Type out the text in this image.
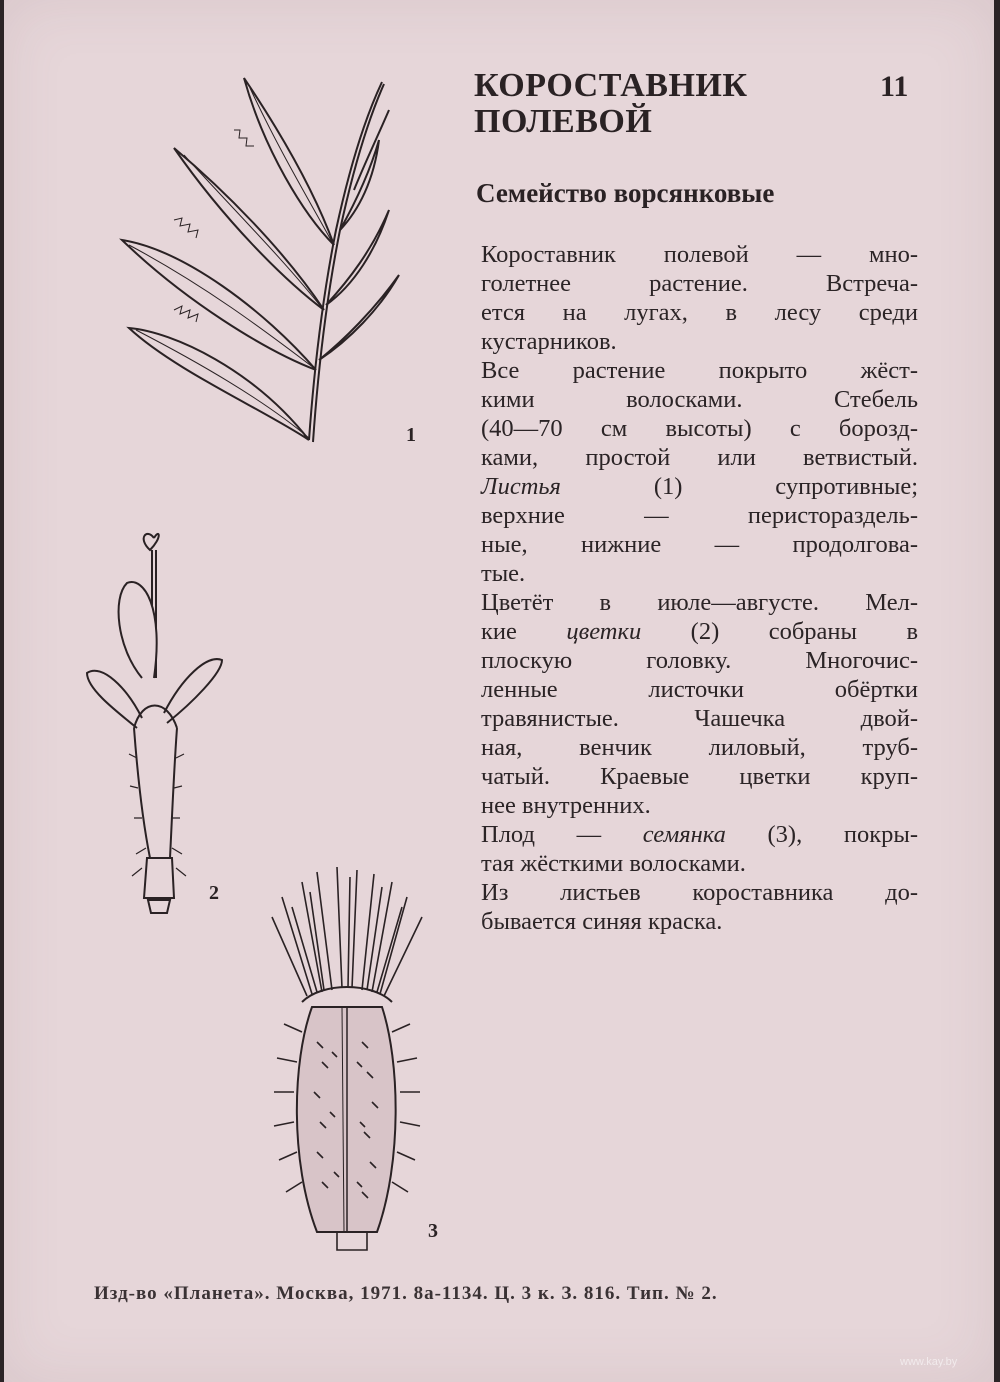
1
2
3
КОРОСТАВНИК
ПОЛЕВОЙ
11
Семейство ворсянковые
Короставник полевой — мно-
голетнее растение. Встреча-
ется на лугах, в лесу среди
кустарников.
Все растение покрыто жёст-
кими волосками. Стебель
(40—70 см высоты) с борозд-
ками, простой или ветвистый.
Листья (1) супротивные;
верхние — перистораздель-
ные, нижние — продолгова-
тые.
Цветёт в июле—августе. Мел-
кие цветки (2) собраны в
плоскую головку. Многочис-
ленные листочки обёртки
травянистые. Чашечка двой-
ная, венчик лиловый, труб-
чатый. Краевые цветки круп-
нее внутренних.
Плод — семянка (3), покры-
тая жёсткими волосками.
Из листьев короставника до-
бывается синяя краска.
Изд-во «Планета». Москва, 1971. 8а-1134. Ц. 3 к. З. 816. Тип. № 2.
www.kay.by
